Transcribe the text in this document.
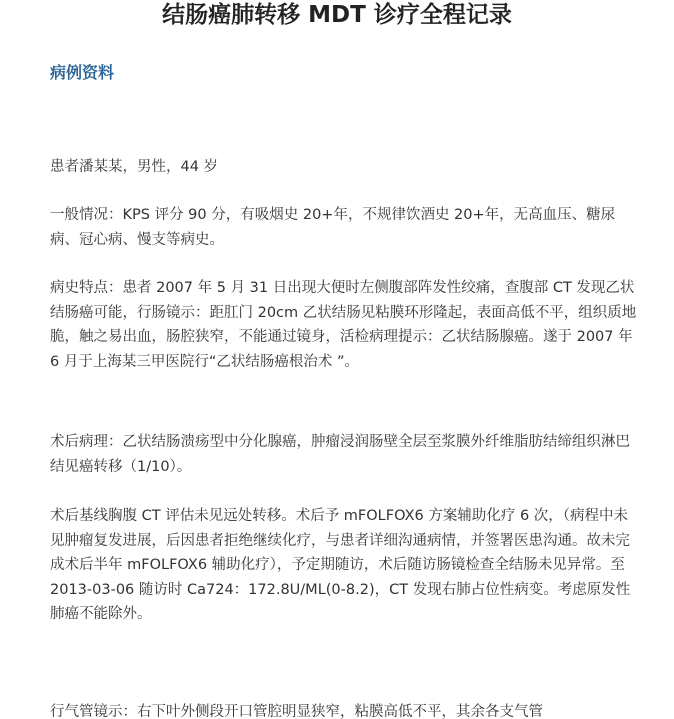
结肠癌肺转移 MDT 诊疗全程记录
病例资料

患者潘某某，男性，44 岁

一般情况：KPS 评分 90 分，有吸烟史 20+年，不规律饮酒史 20+年，无高血压、糖尿病、冠心病、慢支等病史。

病史特点：患者 2007 年 5 月 31 日出现大便时左侧腹部阵发性绞痛，查腹部 CT 发现乙状结肠癌可能，行肠镜示：距肛门 20cm 乙状结肠见粘膜环形隆起，表面高低不平，组织质地脆，触之易出血，肠腔狭窄，不能通过镜身，活检病理提示：乙状结肠腺癌。遂于 2007 年 6 月于上海某三甲医院行“乙状结肠癌根治术 ”。

术后病理：乙状结肠溃疡型中分化腺癌，肿瘤浸润肠壁全层至浆膜外纤维脂肪结缔组织淋巴结见癌转移（1/10）。

术后基线胸腹 CT 评估未见远处转移。术后予 mFOLFOX6 方案辅助化疗 6 次，（病程中未见肿瘤复发进展，后因患者拒绝继续化疗，与患者详细沟通病情，并签署医患沟通。故未完成术后半年 mFOLFOX6 辅助化疗），予定期随访，术后随访肠镜检查全结肠未见异常。至 2013-03-06 随访时 Ca724：172.8U/ML(0-8.2)，CT 发现右肺占位性病变。考虑原发性肺癌不能除外。

行气管镜示：右下叶外侧段开口管腔明显狭窄，粘膜高低不平，其余各支气管
